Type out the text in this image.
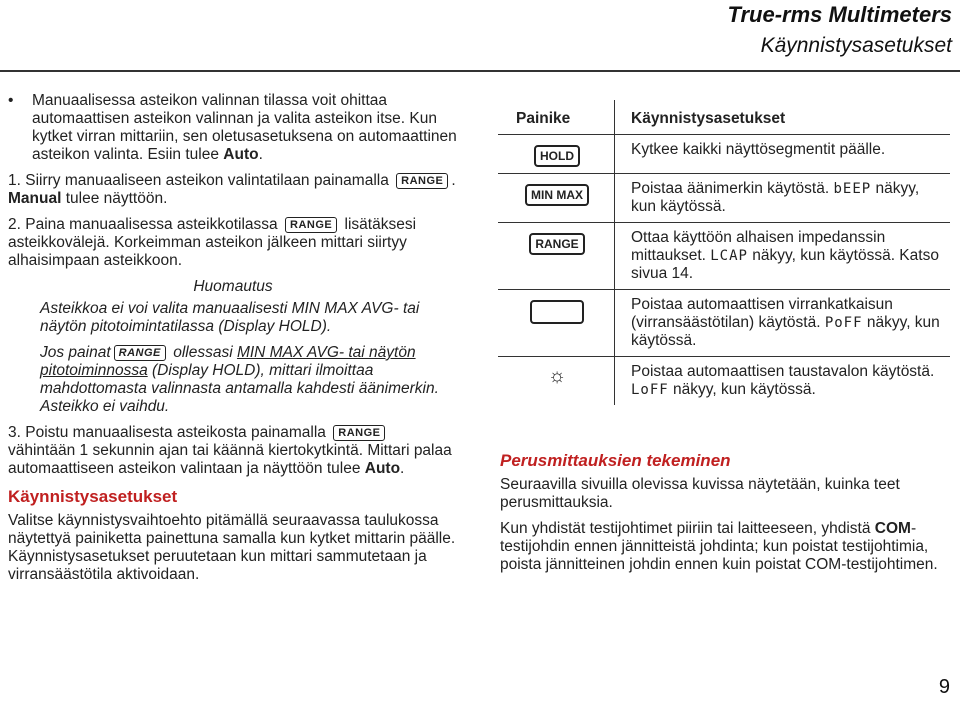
True-rms Multimeters
Käynnistysasetukset
• Manuaalisessa asteikon valinnan tilassa voit ohittaa automaattisen asteikon valinnan ja valita asteikon itse. Kun kytket virran mittariin, sen oletusasetuksena on automaattinen asteikon valinta. Esiin tulee Auto.
1. Siirry manuaaliseen asteikon valintatilaan painamalla RANGE . Manual tulee näyttöön.
2. Paina manuaalisessa asteikkotilassa RANGE lisätäksesi asteikkovälejä. Korkeimman asteikon jälkeen mittari siirtyy alhaisimpaan asteikkoon.
Huomautus
Asteikkoa ei voi valita manuaalisesti MIN MAX AVG- tai näytön pitotoimintatilassa (Display HOLD).
Jos painat RANGE ollessasi MIN MAX AVG- tai näytön pitotoiminnossa (Display HOLD), mittari ilmoittaa mahdottomasta valinnasta antamalla kahdesti äänimerkin. Asteikko ei vaihdu.
3. Poistu manuaalisesta asteikosta painamalla RANGE vähintään 1 sekunnin ajan tai käännä kiertokytkintä. Mittari palaa automaattiseen asteikon valintaan ja näyttöön tulee Auto.
Käynnistysasetukset
Valitse käynnistysvaihtoehto pitämällä seuraavassa taulukossa näytettyä painiketta painettuna samalla kun kytket mittarin päälle. Käynnistysasetukset peruutetaan kun mittari sammutetaan ja virransäästötila aktivoidaan.
Painike	Käynnistysasetukset
HOLD	Kytkee kaikki näyttösegmentit päälle.
MIN MAX	Poistaa äänimerkin käytöstä. bEEP näkyy, kun käytössä.
RANGE	Ottaa käyttöön alhaisen impedanssin mittaukset. LCAP näkyy, kun käytössä. Katso sivua 14.
	Poistaa automaattisen virrankatkaisun (virransäästötilan) käytöstä. PoFF näkyy, kun käytössä.
☼	Poistaa automaattisen taustavalon käytöstä. LoFF näkyy, kun käytössä.
Perusmittauksien tekeminen
Seuraavilla sivuilla olevissa kuvissa näytetään, kuinka teet perusmittauksia.
Kun yhdistät testijohtimet piiriin tai laitteeseen, yhdistä COM-testijohdin ennen jännitteistä johdinta; kun poistat testijohtimia, poista jännitteinen johdin ennen kuin poistat COM-testijohtimen.
9
